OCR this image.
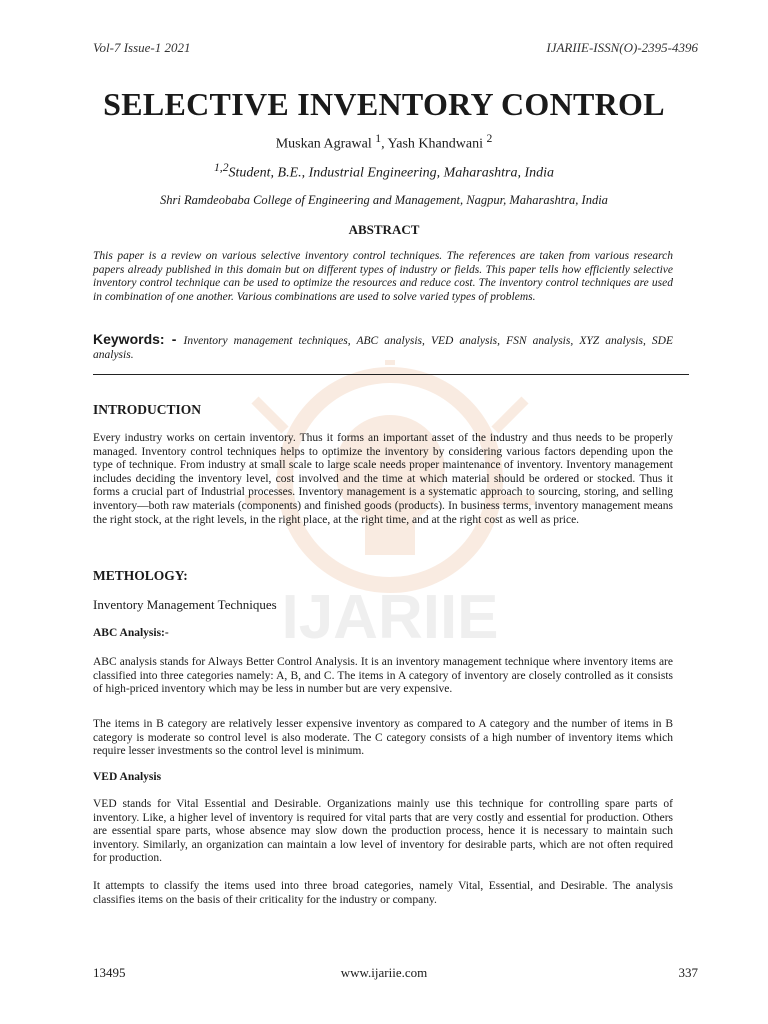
IJARIIE
Vol-7 Issue-1 2021	IJARIIE-ISSN(O)-2395-4396
SELECTIVE INVENTORY CONTROL
Muskan Agrawal $^1$, Yash Khandwani $^2$
$^{1,2}$Student, B.E., Industrial Engineering, Maharashtra, India
Shri Ramdeobaba College of Engineering and Management, Nagpur, Maharashtra, India
ABSTRACT
This paper is a review on various selective inventory control techniques. The references are taken from various research papers already published in this domain but on different types of industry or fields. This paper tells how efficiently selective inventory control technique can be used to optimize the resources and reduce cost. The inventory control techniques are used in combination of one another. Various combinations are used to solve varied types of problems.
Keywords: - Inventory management techniques, ABC analysis, VED analysis, FSN analysis, XYZ analysis, SDE analysis.
INTRODUCTION
Every industry works on certain inventory. Thus it forms an important asset of the industry and thus needs to be properly managed. Inventory control techniques helps to optimize the inventory by considering various factors depending upon the type of technique. From industry at small scale to large scale needs proper maintenance of inventory. Inventory management includes deciding the inventory level, cost involved and the time at which material should be ordered or stocked. Thus it forms a crucial part of Industrial processes. Inventory management is a systematic approach to sourcing, storing, and selling inventory—both raw materials (components) and finished goods (products). In business terms, inventory management means the right stock, at the right levels, in the right place, at the right time, and at the right cost as well as price.
METHOLOGY:
Inventory Management Techniques
ABC Analysis:-
ABC analysis stands for Always Better Control Analysis. It is an inventory management technique where inventory items are classified into three categories namely: A, B, and C. The items in A category of inventory are closely controlled as it consists of high-priced inventory which may be less in number but are very expensive.
The items in B category are relatively lesser expensive inventory as compared to A category and the number of items in B category is moderate so control level is also moderate. The C category consists of a high number of inventory items which require lesser investments so the control level is minimum.
VED Analysis
VED stands for Vital Essential and Desirable. Organizations mainly use this technique for controlling spare parts of inventory. Like, a higher level of inventory is required for vital parts that are very costly and essential for production. Others are essential spare parts, whose absence may slow down the production process, hence it is necessary to maintain such inventory. Similarly, an organization can maintain a low level of inventory for desirable parts, which are not often required for production.
It attempts to classify the items used into three broad categories, namely Vital, Essential, and Desirable. The analysis classifies items on the basis of their criticality for the industry or company.
13495	www.ijariie.com	337
